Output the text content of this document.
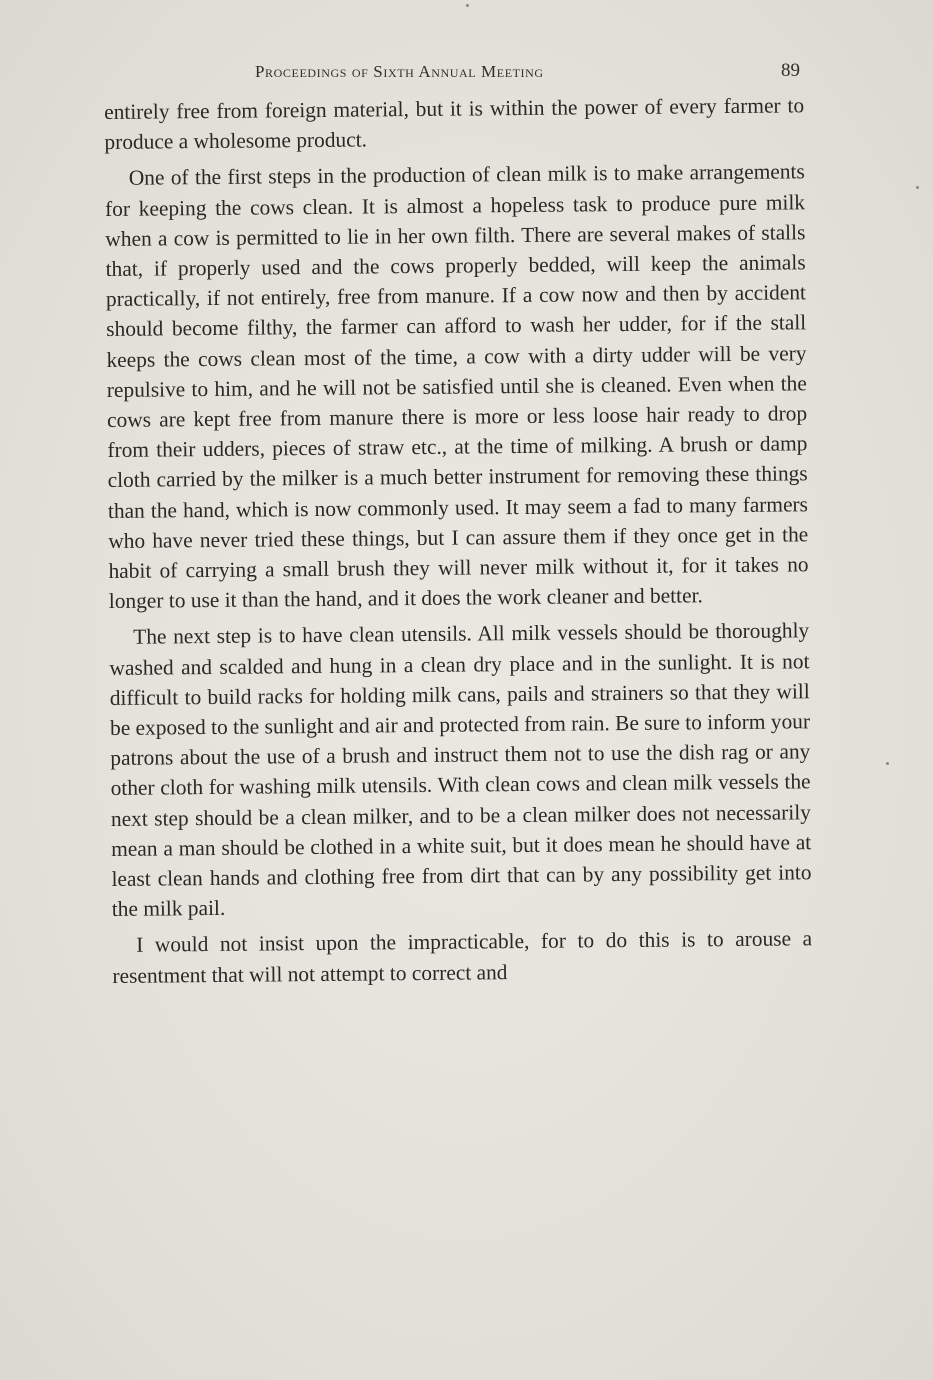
Proceedings of Sixth Annual Meeting	89

entirely free from foreign material, but it is within the power of every farmer to produce a wholesome product.

One of the first steps in the production of clean milk is to make arrangements for keeping the cows clean. It is almost a hopeless task to produce pure milk when a cow is permitted to lie in her own filth. There are several makes of stalls that, if properly used and the cows properly bedded, will keep the animals practically, if not entirely, free from manure. If a cow now and then by accident should become filthy, the farmer can afford to wash her udder, for if the stall keeps the cows clean most of the time, a cow with a dirty udder will be very repulsive to him, and he will not be satisfied until she is cleaned. Even when the cows are kept free from manure there is more or less loose hair ready to drop from their udders, pieces of straw etc., at the time of milking. A brush or damp cloth carried by the milker is a much better instrument for removing these things than the hand, which is now commonly used. It may seem a fad to many farmers who have never tried these things, but I can assure them if they once get in the habit of carrying a small brush they will never milk without it, for it takes no longer to use it than the hand, and it does the work cleaner and better.

The next step is to have clean utensils. All milk vessels should be thoroughly washed and scalded and hung in a clean dry place and in the sunlight. It is not difficult to build racks for holding milk cans, pails and strainers so that they will be exposed to the sunlight and air and protected from rain. Be sure to inform your patrons about the use of a brush and instruct them not to use the dish rag or any other cloth for washing milk utensils. With clean cows and clean milk vessels the next step should be a clean milker, and to be a clean milker does not necessarily mean a man should be clothed in a white suit, but it does mean he should have at least clean hands and clothing free from dirt that can by any possibility get into the milk pail.

I would not insist upon the impracticable, for to do this is to arouse a resentment that will not attempt to correct and
